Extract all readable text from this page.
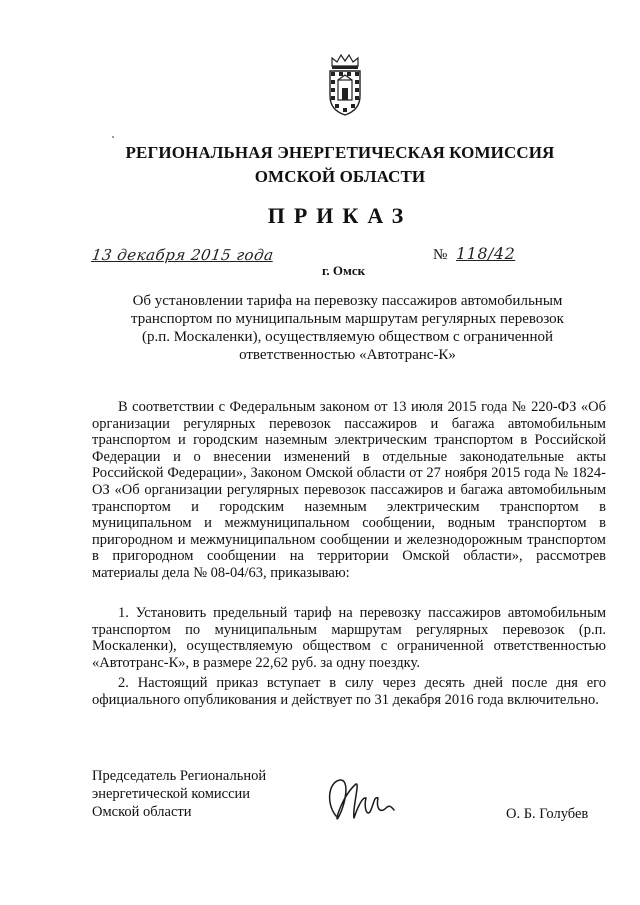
РЕГИОНАЛЬНАЯ ЭНЕРГЕТИЧЕСКАЯ КОМИССИЯ
ОМСКОЙ ОБЛАСТИ
ПРИКАЗ
13 декабря 2015 года	№ 118/42
г. Омск
Об установлении тарифа на перевозку пассажиров автомобильным транспортом по муниципальным маршрутам регулярных перевозок (р.п. Москаленки), осуществляемую обществом с ограниченной ответственностью «Автотранс-К»

В соответствии с Федеральным законом от 13 июля 2015 года № 220-ФЗ «Об организации регулярных перевозок пассажиров и багажа автомобильным транспортом и городским наземным электрическим транспортом в Российской Федерации и о внесении изменений в отдельные законодательные акты Российской Федерации», Законом Омской области от 27 ноября 2015 года № 1824-ОЗ «Об организации регулярных перевозок пассажиров и багажа автомобильным транспортом и городским наземным электрическим транспортом в муниципальном и межмуниципальном сообщении, водным транспортом в пригородном и межмуниципальном сообщении и железнодорожным транспортом в пригородном сообщении на территории Омской области», рассмотрев материалы дела № 08-04/63, приказываю:

1. Установить предельный тариф на перевозку пассажиров автомобильным транспортом по муниципальным маршрутам регулярных перевозок (р.п. Москаленки), осуществляемую обществом с ограниченной ответственностью «Автотранс-К», в размере 22,62 руб. за одну поездку.

2. Настоящий приказ вступает в силу через десять дней после дня его официального опубликования и действует по 31 декабря 2016 года включительно.

Председатель Региональной
энергетической комиссии
Омской области	О. Б. Голубев
